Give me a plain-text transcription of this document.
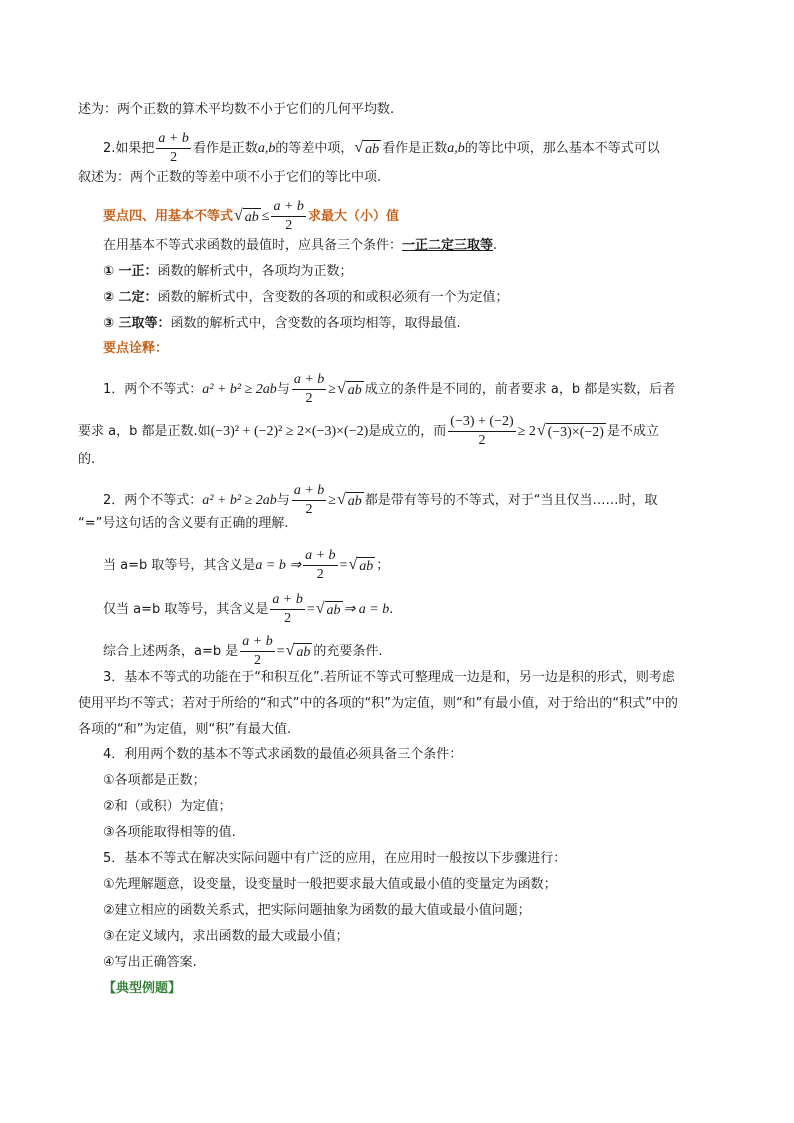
述为：两个正数的算术平均数不小于它们的几何平均数.
2.如果把 $\frac{a + b}{2}$ 看作是正数a,b的等差中项， √ ab 看作是正数a,b的等比中项，那么基本不等式可以
叙述为：两个正数的等差中项不小于它们的等比中项.
要点四、用基本不等式 √ ab ≤ $\frac{a + b}{2}$ 求最大（小）值
在用基本不等式求函数的最值时，应具备三个条件：一正二定三取等.
① 一正：函数的解析式中，各项均为正数；
② 二定：函数的解析式中，含变数的各项的和或积必须有一个为定值；
③ 三取等：函数的解析式中，含变数的各项均相等，取得最值.
要点诠释：
1．两个不等式：a² + b² ≥ 2ab与 $\frac{a + b}{2}$ ≥ √ ab 成立的条件是不同的，前者要求 a，b 都是实数，后者
要求 a，b 都是正数.如(−3)² + (−2)² ≥ 2×(−3)×(−2)是成立的，而 $\frac{(-3) + (-2)}{2} \ge 2$ √ (−3)×(−2) 是不成立
的.
2．两个不等式：a² + b² ≥ 2ab与 $\frac{a + b}{2}$ ≥ √ ab 都是带有等号的不等式，对于“当且仅当……时，取
“=”号这句话的含义要有正确的理解.
当 a=b 取等号，其含义是a = b ⇒ $\frac{a + b}{2}$ = √ ab ；
仅当 a=b 取等号，其含义是 $\frac{a + b}{2}$ = √ ab ⇒ a = b.
综合上述两条，a=b 是 $\frac{a + b}{2}$ = √ ab 的充要条件.
3．基本不等式的功能在于“和积互化”.若所证不等式可整理成一边是和，另一边是积的形式，则考虑
使用平均不等式；若对于所给的“和式”中的各项的“积”为定值，则“和”有最小值，对于给出的“积式”中的
各项的“和”为定值，则“积”有最大值.
4．利用两个数的基本不等式求函数的最值必须具备三个条件：
①各项都是正数；
②和（或积）为定值；
③各项能取得相等的值.
5．基本不等式在解决实际问题中有广泛的应用，在应用时一般按以下步骤进行：
①先理解题意，设变量，设变量时一般把要求最大值或最小值的变量定为函数；
②建立相应的函数关系式，把实际问题抽象为函数的最大值或最小值问题；
③在定义域内，求出函数的最大或最小值；
④写出正确答案.
【典型例题】
